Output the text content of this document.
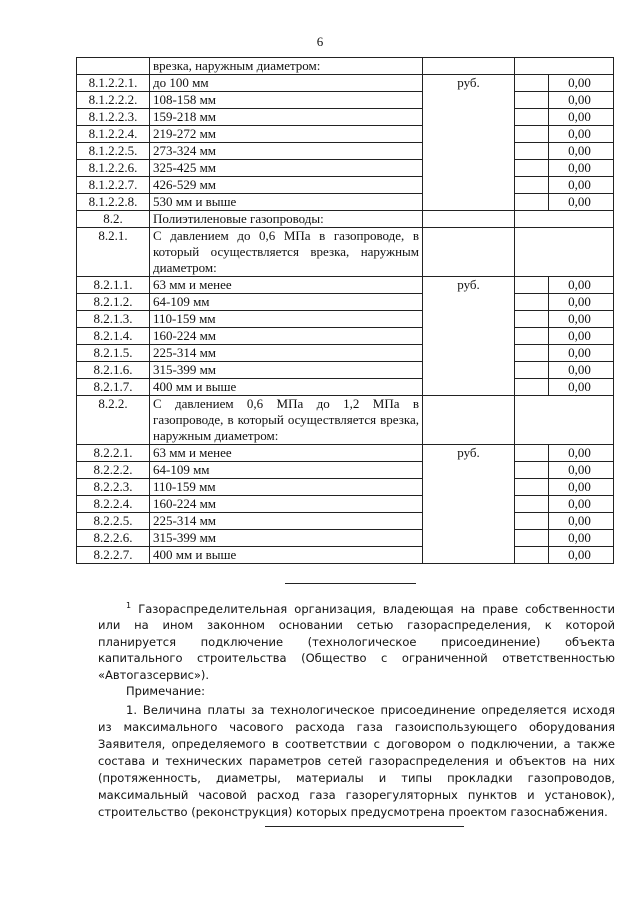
6
	врезка, наружным диаметром:		
8.1.2.2.1.	до 100 мм	руб.	0,00

8.1.2.2.2.	108-158 мм		0,00

8.1.2.2.3.	159-218 мм		0,00

8.1.2.2.4.	219-272 мм		0,00

8.1.2.2.5.	273-324 мм		0,00

8.1.2.2.6.	325-425 мм		0,00

8.1.2.2.7.	426-529 мм		0,00

8.1.2.2.8.	530 мм и выше		0,00

8.2.	Полиэтиленовые газопроводы:		
8.2.1.	С давлением до 0,6 МПа в газопроводе, в который осуществляется врезка, наружным диаметром:		
8.2.1.1.	63 мм и менее	руб.	0,00

8.2.1.2.	64-109 мм		0,00

8.2.1.3.	110-159 мм		0,00

8.2.1.4.	160-224 мм		0,00

8.2.1.5.	225-314 мм		0,00

8.2.1.6.	315-399 мм		0,00

8.2.1.7.	400 мм и выше		0,00

8.2.2.	С давлением 0,6 МПа до 1,2 МПа в газопроводе, в который осуществляется врезка, наружным диаметром:		
8.2.2.1.	63 мм и менее	руб.	0,00

8.2.2.2.	64-109 мм		0,00

8.2.2.3.	110-159 мм		0,00

8.2.2.4.	160-224 мм		0,00

8.2.2.5.	225-314 мм		0,00

8.2.2.6.	315-399 мм		0,00

8.2.2.7.	400 мм и выше		0,00

$^1$ Газораспределительная организация, владеющая на праве собственности или на ином законном основании сетью газораспределения, к которой планируется подключение (технологическое присоединение) объекта капитального строительства (Общество с ограниченной ответственностью «Автогазсервис»).

Примечание:

1. Величина платы за технологическое присоединение определяется исходя из максимального часового расхода газа газоиспользующего оборудования Заявителя, определяемого в соответствии с договором о подключении, а также состава и технических параметров сетей газораспределения и объектов на них (протяженность, диаметры, материалы и типы прокладки газопроводов, максимальный часовой расход газа газорегуляторных пунктов и установок), строительство (реконструкция) которых предусмотрена проектом газоснабжения.
